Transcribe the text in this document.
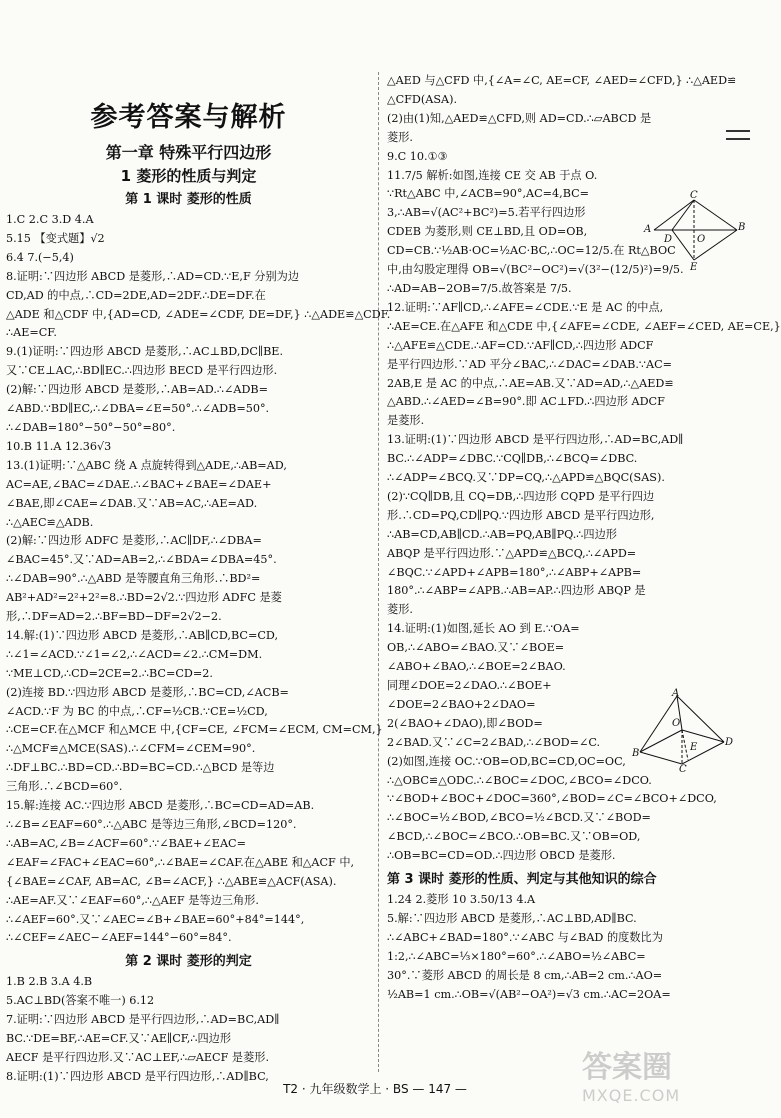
参考答案与解析
第一章 特殊平行四边形
1 菱形的性质与判定
第 1 课时 菱形的性质
1.C 2.C 3.D 4.A
5.15 【变式题】√2
6.4 7.(−5,4)
8.证明:∵四边形 ABCD 是菱形,∴AD=CD.∵E,F 分别为边
CD,AD 的中点,∴CD=2DE,AD=2DF.∴DE=DF.在
△ADE 和△CDF 中,{AD=CD, ∠ADE=∠CDF, DE=DF,} ∴△ADE≌△CDF.
∴AE=CF.
9.(1)证明:∵四边形 ABCD 是菱形,∴AC⊥BD,DC∥BE.
又∵CE⊥AC,∴BD∥EC.∴四边形 BECD 是平行四边形.
(2)解:∵四边形 ABCD 是菱形,∴AB=AD.∴∠ADB=
∠ABD.∵BD∥EC,∴∠DBA=∠E=50°.∴∠ADB=50°.
∴∠DAB=180°−50°−50°=80°.
10.B 11.A 12.36√3
13.(1)证明:∵△ABC 绕 A 点旋转得到△ADE,∴AB=AD,
AC=AE,∠BAC=∠DAE.∴∠BAC+∠BAE=∠DAE+
∠BAE,即∠CAE=∠DAB.又∵AB=AC,∴AE=AD.
∴△AEC≌△ADB.
(2)解:∵四边形 ADFC 是菱形,∴AC∥DF,∴∠DBA=
∠BAC=45°.又∵AD=AB=2,∴∠BDA=∠DBA=45°.
∴∠DAB=90°.∴△ABD 是等腰直角三角形.∴BD²=
AB²+AD²=2²+2²=8.∴BD=2√2.∵四边形 ADFC 是菱
形,∴DF=AD=2.∴BF=BD−DF=2√2−2.
14.解:(1)∵四边形 ABCD 是菱形,∴AB∥CD,BC=CD,
∴∠1=∠ACD.∵∠1=∠2,∴∠ACD=∠2.∴CM=DM.
∵ME⊥CD,∴CD=2CE=2.∴BC=CD=2.
(2)连接 BD.∵四边形 ABCD 是菱形,∴BC=CD,∠ACB=
∠ACD.∵F 为 BC 的中点,∴CF=½CB.∵CE=½CD,
∴CE=CF.在△MCF 和△MCE 中,{CF=CE, ∠FCM=∠ECM, CM=CM,}
∴△MCF≌△MCE(SAS).∴∠CFM=∠CEM=90°.
∴DF⊥BC.∴BD=CD.∴BD=BC=CD.∴△BCD 是等边
三角形.∴∠BCD=60°.
15.解:连接 AC.∵四边形 ABCD 是菱形,∴BC=CD=AD=AB.
∴∠B=∠EAF=60°.∴△ABC 是等边三角形,∠BCD=120°.
∴AB=AC,∠B=∠ACF=60°.∵∠BAE+∠EAC=
∠EAF=∠FAC+∠EAC=60°,∴∠BAE=∠CAF.在△ABE 和△ACF 中,
{∠BAE=∠CAF, AB=AC, ∠B=∠ACF,} ∴△ABE≌△ACF(ASA).
∴AE=AF.又∵∠EAF=60°,∴△AEF 是等边三角形.
∴∠AEF=60°.又∵∠AEC=∠B+∠BAE=60°+84°=144°,
∴∠CEF=∠AEC−∠AEF=144°−60°=84°.
第 2 课时 菱形的判定
1.B 2.B 3.A 4.B
5.AC⊥BD(答案不唯一) 6.12
7.证明:∵四边形 ABCD 是平行四边形,∴AD=BC,AD∥
BC.∵DE=BF,∴AE=CF.又∵AE∥CF,∴四边形
AECF 是平行四边形.又∵AC⊥EF,∴▱AECF 是菱形.
8.证明:(1)∵四边形 ABCD 是平行四边形,∴AD∥BC,
△AED 与△CFD 中,{∠A=∠C, AE=CF, ∠AED=∠CFD,} ∴△AED≌
△CFD(ASA).
(2)由(1)知,△AED≌△CFD,则 AD=CD.∴▱ABCD 是
菱形.
9.C 10.①③
11.7/5 解析:如图,连接 CE 交 AB 于点 O.
∵Rt△ABC 中,∠ACB=90°,AC=4,BC=
3,∴AB=√(AC²+BC²)=5.若平行四边形
CDEB 为菱形,则 CE⊥BD,且 OD=OB,
CD=CB.∵½AB·OC=½AC·BC,∴OC=12/5.在 Rt△BOC
中,由勾股定理得 OB=√(BC²−OC²)=√(3²−(12/5)²)=9/5.
∴AD=AB−2OB=7/5.故答案是 7/5.
12.证明:∵AF∥CD,∴∠AFE=∠CDE.∵E 是 AC 的中点,
∴AE=CE.在△AFE 和△CDE 中,{∠AFE=∠CDE, ∠AEF=∠CED, AE=CE,}
∴△AFE≌△CDE.∴AF=CD.∵AF∥CD,∴四边形 ADCF
是平行四边形.∵AD 平分∠BAC,∴∠DAC=∠DAB.∵AC=
2AB,E 是 AC 的中点,∴AE=AB.又∵AD=AD,∴△AED≌
△ABD.∴∠AED=∠B=90°.即 AC⊥FD.∴四边形 ADCF
是菱形.
13.证明:(1)∵四边形 ABCD 是平行四边形,∴AD=BC,AD∥
BC.∴∠ADP=∠DBC.∵CQ∥DB,∴∠BCQ=∠DBC.
∴∠ADP=∠BCQ.又∵DP=CQ,∴△APD≌△BQC(SAS).
(2)∵CQ∥DB,且 CQ=DB,∴四边形 CQPD 是平行四边
形.∴CD=PQ,CD∥PQ.∵四边形 ABCD 是平行四边形,
∴AB=CD,AB∥CD.∴AB=PQ,AB∥PQ.∴四边形
ABQP 是平行四边形.∵△APD≌△BCQ,∴∠APD=
∠BQC.∵∠APD+∠APB=180°,∴∠ABP+∠APB=
180°.∴∠ABP=∠APB.∴AB=AP.∴四边形 ABQP 是
菱形.
14.证明:(1)如图,延长 AO 到 E.∵OA=
OB,∴∠ABO=∠BAO.又∵∠BOE=
∠ABO+∠BAO,∴∠BOE=2∠BAO.
同理∠DOE=2∠DAO.∴∠BOE+
∠DOE=2∠BAO+2∠DAO=
2(∠BAO+∠DAO),即∠BOD=
2∠BAD.又∵∠C=2∠BAD,∴∠BOD=∠C.
(2)如图,连接 OC.∵OB=OD,BC=CD,OC=OC,
∴△OBC≌△ODC.∴∠BOC=∠DOC,∠BCO=∠DCO.
∵∠BOD+∠BOC+∠DOC=360°,∠BOD=∠C=∠BCO+∠DCO,
∴∠BOC=½∠BOD,∠BCO=½∠BCD.又∵∠BOD=
∠BCD,∴∠BOC=∠BCO.∴OB=BC.又∵OB=OD,
∴OB=BC=CD=OD.∴四边形 OBCD 是菱形.
第 3 课时 菱形的性质、判定与其他知识的综合
1.24 2.菱形 10 3.50/13 4.A
5.解:∵四边形 ABCD 是菱形,∴AC⊥BD,AD∥BC.
∴∠ABC+∠BAD=180°.∵∠ABC 与∠BAD 的度数比为
1:2,∴∠ABC=⅓×180°=60°.∴∠ABO=½∠ABC=
30°.∵菱形 ABCD 的周长是 8 cm,∴AB=2 cm.∴AO=
½AB=1 cm.∴OB=√(AB²−OA²)=√3 cm.∴AC=2OA=
C
A
D O
B
E
A
O
E
B
D
C
T2 · 九年级数学上 · BS — 147 —
答案圈
MXQE.COM
